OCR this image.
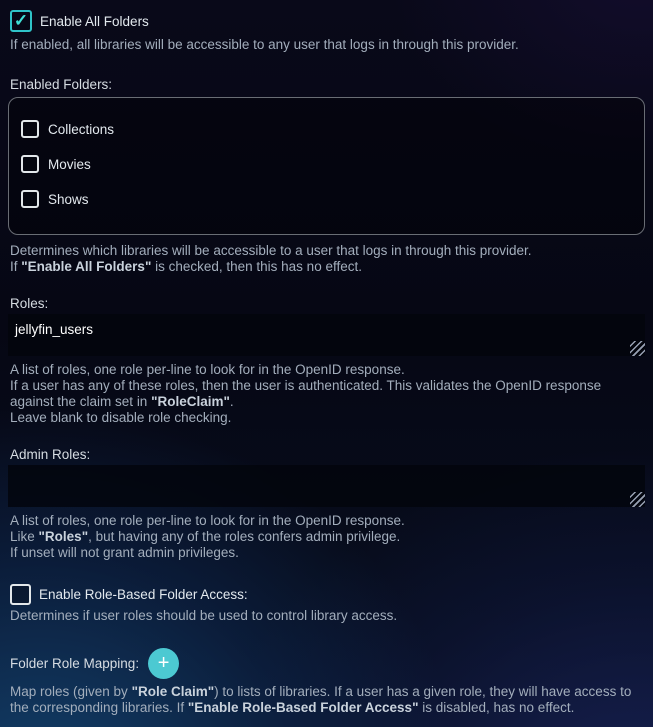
✓ Enable All Folders
If enabled, all libraries will be accessible to any user that logs in through this provider.
Enabled Folders:
Collections
Movies
Shows
Determines which libraries will be accessible to a user that logs in through this provider.
If "Enable All Folders" is checked, then this has no effect.
Roles:
jellyfin_users
A list of roles, one role per-line to look for in the OpenID response.
If a user has any of these roles, then the user is authenticated. This validates the OpenID response against the claim set in "RoleClaim".
Leave blank to disable role checking.
Admin Roles:
A list of roles, one role per-line to look for in the OpenID response.
Like "Roles", but having any of the roles confers admin privilege.
If unset will not grant admin privileges.
Enable Role-Based Folder Access:
Determines if user roles should be used to control library access.
Folder Role Mapping: +
Map roles (given by "Role Claim") to lists of libraries. If a user has a given role, they will have access to the corresponding libraries. If "Enable Role-Based Folder Access" is disabled, has no effect.
